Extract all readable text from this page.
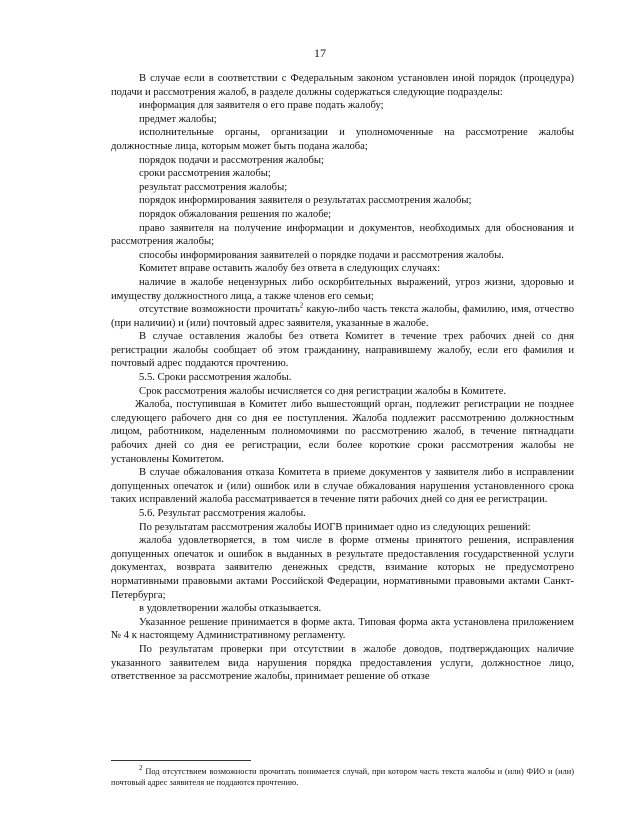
17

В случае если в соответствии с Федеральным законом установлен иной порядок (процедура) подачи и рассмотрения жалоб, в разделе должны содержаться следующие подразделы:

информация для заявителя о его праве подать жалобу;

предмет жалобы;

исполнительные органы, организации и уполномоченные на рассмотрение жалобы должностные лица, которым может быть подана жалоба;

порядок подачи и рассмотрения жалобы;

сроки рассмотрения жалобы;

результат рассмотрения жалобы;

порядок информирования заявителя о результатах рассмотрения жалобы;

порядок обжалования решения по жалобе;

право заявителя на получение информации и документов, необходимых для обоснования и рассмотрения жалобы;

способы информирования заявителей о порядке подачи и рассмотрения жалобы.

Комитет вправе оставить жалобу без ответа в следующих случаях:

наличие в жалобе нецензурных либо оскорбительных выражений, угроз жизни, здоровью и имуществу должностного лица, а также членов его семьи;

отсутствие возможности прочитать$^2$ какую-либо часть текста жалобы, фамилию, имя, отчество (при наличии) и (или) почтовый адрес заявителя, указанные в жалобе.

В случае оставления жалобы без ответа Комитет в течение трех рабочих дней со дня регистрации жалобы сообщает об этом гражданину, направившему жалобу, если его фамилия и почтовый адрес поддаются прочтению.

5.5. Сроки рассмотрения жалобы.

Срок рассмотрения жалобы исчисляется со дня регистрации жалобы в Комитете.

Жалоба, поступившая в Комитет либо вышестоящий орган, подлежит регистрации не позднее следующего рабочего дня со дня ее поступления. Жалоба подлежит рассмотрению должностным лицом, работником, наделенным полномочиями по рассмотрению жалоб, в течение пятнадцати рабочих дней со дня ее регистрации, если более короткие сроки рассмотрения жалобы не установлены Комитетом.

В случае обжалования отказа Комитета в приеме документов у заявителя либо в исправлении допущенных опечаток и (или) ошибок или в случае обжалования нарушения установленного срока таких исправлений жалоба рассматривается в течение пяти рабочих дней со дня ее регистрации.

5.6. Результат рассмотрения жалобы.

По результатам рассмотрения жалобы ИОГВ принимает одно из следующих решений:

жалоба удовлетворяется, в том числе в форме отмены принятого решения, исправления допущенных опечаток и ошибок в выданных в результате предоставления государственной услуги документах, возврата заявителю денежных средств, взимание которых не предусмотрено нормативными правовыми актами Российской Федерации, нормативными правовыми актами Санкт-Петербурга;

в удовлетворении жалобы отказывается.

Указанное решение принимается в форме акта. Типовая форма акта установлена приложением № 4 к настоящему Административному регламенту.

По результатам проверки при отсутствии в жалобе доводов, подтверждающих наличие указанного заявителем вида нарушения порядка предоставления услуги, должностное лицо, ответственное за рассмотрение жалобы, принимает решение об отказе

$^2$ Под отсутствием возможности прочитать понимается случай, при котором часть текста жалобы и (или) ФИО и (или) почтовый адрес заявителя не поддаются прочтению.
